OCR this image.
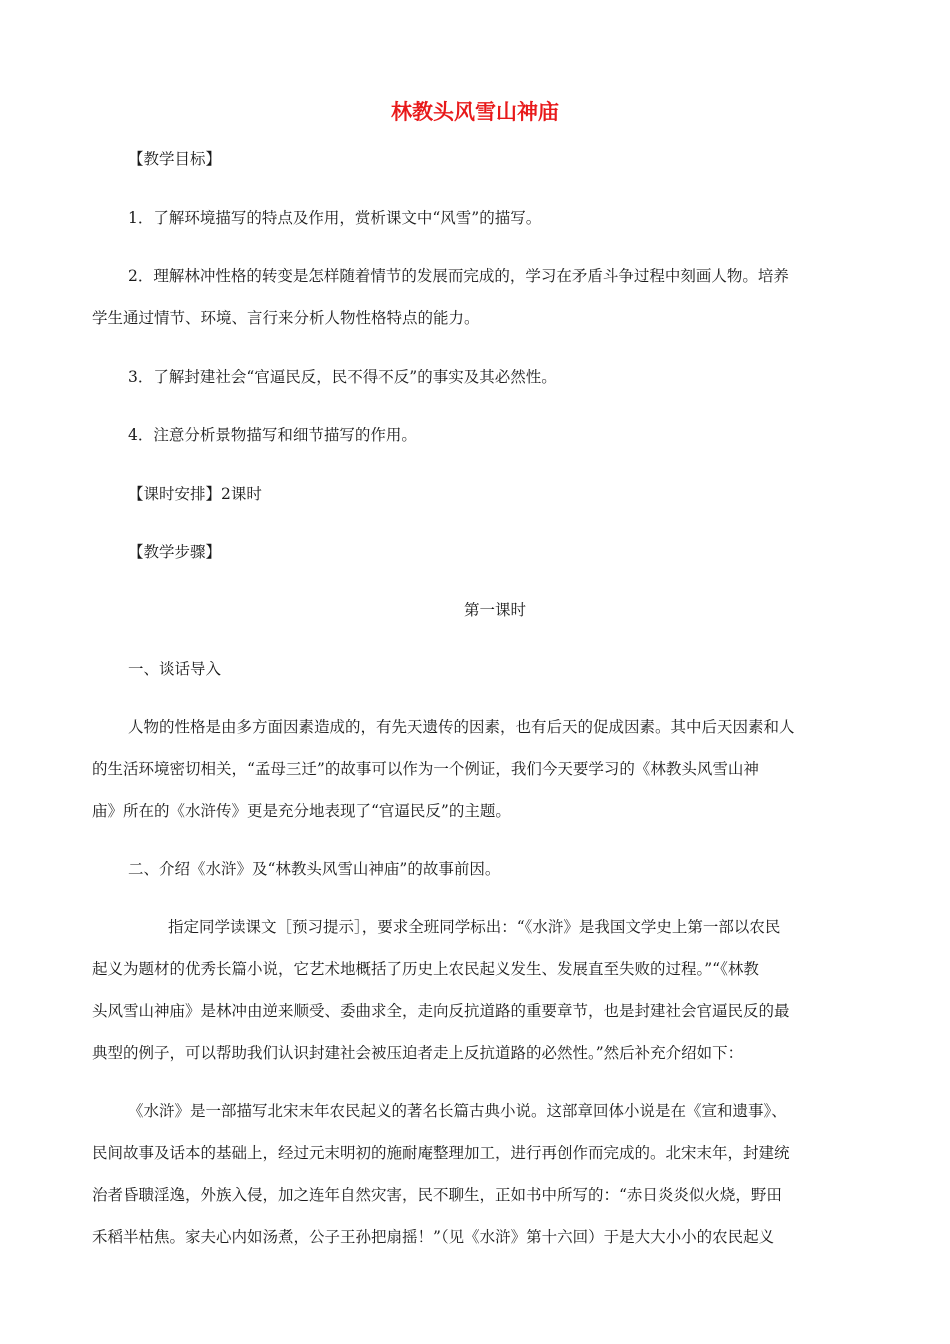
林教头风雪山神庙
【教学目标】
1．了解环境描写的特点及作用，赏析课文中“风雪”的描写。
2．理解林冲性格的转变是怎样随着情节的发展而完成的，学习在矛盾斗争过程中刻画人物。培养
学生通过情节、环境、言行来分析人物性格特点的能力。
3．了解封建社会“官逼民反，民不得不反”的事实及其必然性。
4．注意分析景物描写和细节描写的作用。
【课时安排】2课时
【教学步骤】
第一课时
一、谈话导入
人物的性格是由多方面因素造成的，有先天遗传的因素，也有后天的促成因素。其中后天因素和人
的生活环境密切相关，“孟母三迁”的故事可以作为一个例证，我们今天要学习的《林教头风雪山神
庙》所在的《水浒传》更是充分地表现了“官逼民反”的主题。
二、介绍《水浒》及“林教头风雪山神庙”的故事前因。
指定同学读课文［预习提示］，要求全班同学标出：“《水浒》是我国文学史上第一部以农民
起义为题材的优秀长篇小说，它艺术地概括了历史上农民起义发生、发展直至失败的过程。”“《林教
头风雪山神庙》是林冲由逆来顺受、委曲求全，走向反抗道路的重要章节，也是封建社会官逼民反的最
典型的例子，可以帮助我们认识封建社会被压迫者走上反抗道路的必然性。”然后补充介绍如下：
《水浒》是一部描写北宋末年农民起义的著名长篇古典小说。这部章回体小说是在《宣和遗事》、
民间故事及话本的基础上，经过元末明初的施耐庵整理加工，进行再创作而完成的。北宋末年，封建统
治者昏聩淫逸，外族入侵，加之连年自然灾害，民不聊生，正如书中所写的：“赤日炎炎似火烧，野田
禾稻半枯焦。家夫心内如汤煮，公子王孙把扇摇！”（见《水浒》第十六回）于是大大小小的农民起义
